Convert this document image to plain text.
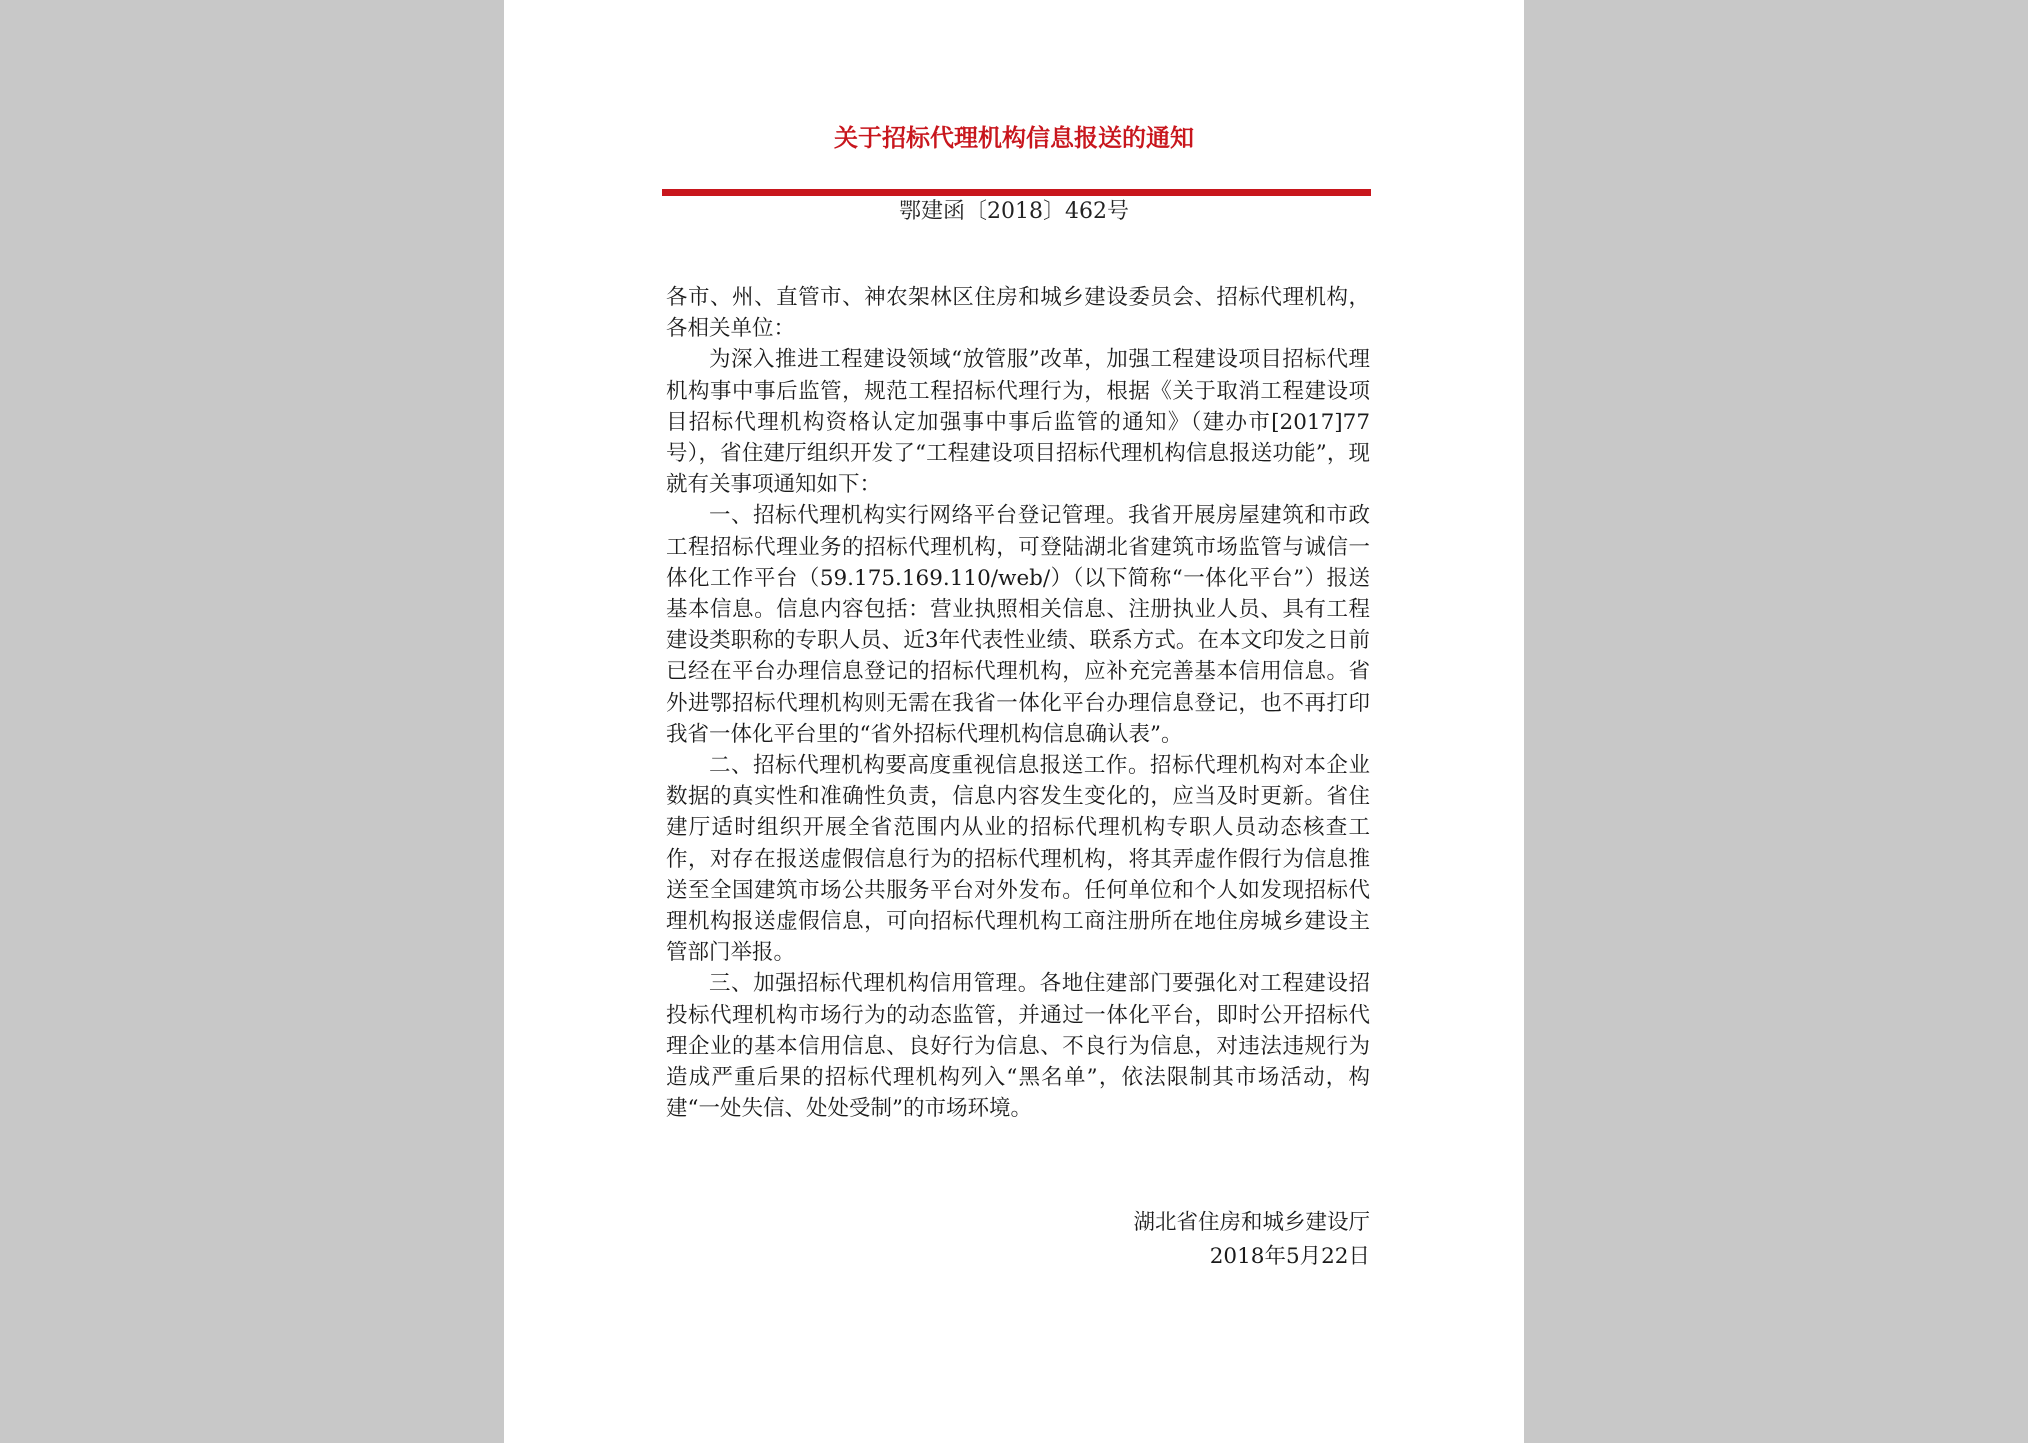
关于招标代理机构信息报送的通知
鄂建函〔2018〕462号

各市、州、直管市、神农架林区住房和城乡建设委员会、招标代理机构，各相关单位：

为深入推进工程建设领域“放管服”改革，加强工程建设项目招标代理机构事中事后监管，规范工程招标代理行为，根据《关于取消工程建设项目招标代理机构资格认定加强事中事后监管的通知》（建办市[2017]77号），省住建厅组织开发了“工程建设项目招标代理机构信息报送功能”，现就有关事项通知如下：

一、招标代理机构实行网络平台登记管理。我省开展房屋建筑和市政工程招标代理业务的招标代理机构，可登陆湖北省建筑市场监管与诚信一体化工作平台（59.175.169.110/web/）（以下简称“一体化平台”）报送基本信息。信息内容包括：营业执照相关信息、注册执业人员、具有工程建设类职称的专职人员、近3年代表性业绩、联系方式。在本文印发之日前已经在平台办理信息登记的招标代理机构，应补充完善基本信用信息。省外进鄂招标代理机构则无需在我省一体化平台办理信息登记，也不再打印我省一体化平台里的“省外招标代理机构信息确认表”。

二、招标代理机构要高度重视信息报送工作。招标代理机构对本企业数据的真实性和准确性负责，信息内容发生变化的，应当及时更新。省住建厅适时组织开展全省范围内从业的招标代理机构专职人员动态核查工作，对存在报送虚假信息行为的招标代理机构，将其弄虚作假行为信息推送至全国建筑市场公共服务平台对外发布。任何单位和个人如发现招标代理机构报送虚假信息，可向招标代理机构工商注册所在地住房城乡建设主管部门举报。

三、加强招标代理机构信用管理。各地住建部门要强化对工程建设招投标代理机构市场行为的动态监管，并通过一体化平台，即时公开招标代理企业的基本信用信息、良好行为信息、不良行为信息，对违法违规行为造成严重后果的招标代理机构列入“黑名单”，依法限制其市场活动，构建“一处失信、处处受制”的市场环境。

湖北省住房和城乡建设厅
2018年5月22日
